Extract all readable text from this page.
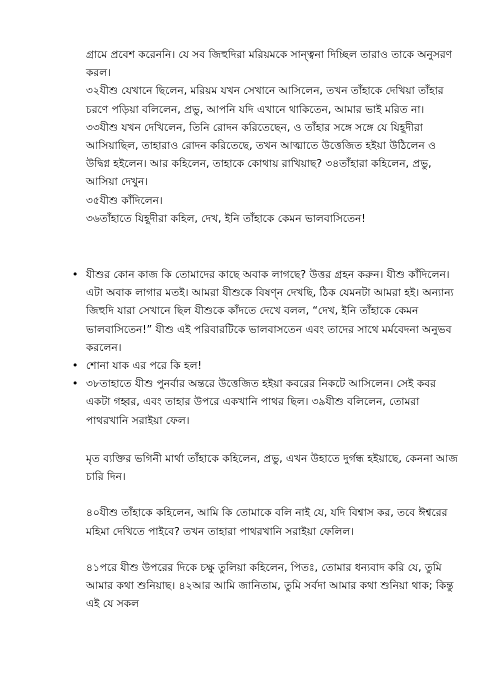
গ্রামে প্রবেশ করেননি। যে সব জিহুদিরা মরিয়মকে সান্ত্বনা দিচ্ছিল তারাও তাকে অনুসরণ করল।

৩২যীশু যেখানে ছিলেন, মরিয়ম যখন সেখানে আসিলেন, তখন তাঁহাকে দেখিয়া তাঁহার চরণে পড়িয়া বলিলেন, প্রভু, আপনি যদি এখানে থাকিতেন, আমার ভাই মরিত না।

৩৩যীশু যখন দেখিলেন, তিনি রোদন করিতেছেন, ও তাঁহার সঙ্গে সঙ্গে যে যিহূদীরা আসিয়াছিল, তাহারাও রোদন করিতেছে, তখন আত্মাতে উত্তেজিত হইয়া উঠিলেন ও উদ্বিগ্ন হইলেন। আর কহিলেন, তাহাকে কোথায় রাখিয়াছ? ৩৪তাঁহারা কহিলেন, প্রভু, আসিয়া দেখুন।

৩৫যীশু কাঁদিলেন।

৩৬তাঁহাতে যিহূদীরা কহিল, দেখ, ইনি তাঁহাকে কেমন ভালবাসিতেন!

• যীশুর কোন কাজ কি তোমাদের কাছে অবাক লাগছে? উত্তর গ্রহন করুন। যীশু কাঁদিলেন। এটা অবাক লাগার মতই। আমরা যীশুকে বিষণ্ন দেখছি, ঠিক যেমনটা আমরা হই। অন্যান্য জিহুদি যারা সেখানে ছিল যীশুকে কাঁদতে দেখে বলল, “দেখ, ইনি তাঁহাকে কেমন ভালবাসিতেন!” যীশু এই পরিবারটিকে ভালবাসতেন এবং তাদের সাথে মর্মবেদনা অনুভব করলেন।
• শোনা যাক এর পরে কি হল!
• ৩৮তাহাতে যীশু পুনর্বার অন্তরে উত্তেজিত হইয়া কবরের নিকটে আসিলেন। সেই কবর একটা গহ্বর, এবং তাহার উপরে একখানি পাথর ছিল। ৩৯যীশু বলিলেন, তোমরা পাথরখানি সরাইয়া ফেল।

মৃত ব্যক্তির ভগিনী মার্থা তাঁহাকে কহিলেন, প্রভু, এখন উহাতে দুর্গন্ধ হইয়াছে, কেননা আজ চারি দিন।

৪০যীশু তাঁহাকে কহিলেন, আমি কি তোমাকে বলি নাই যে, যদি বিশ্বাস কর, তবে ঈশ্বরের মহিমা দেখিতে পাইবে? তখন তাহারা পাথরখানি সরাইয়া ফেলিল।

৪১পরে যীশু উপরের দিকে চক্ষু তুলিয়া কহিলেন, পিতঃ, তোমার ধন্যবাদ করি যে, তুমি আমার কথা শুনিয়াছ। ৪২আর আমি জানিতাম, তুমি সর্বদা আমার কথা শুনিয়া থাক; কিন্তু এই যে সকল
